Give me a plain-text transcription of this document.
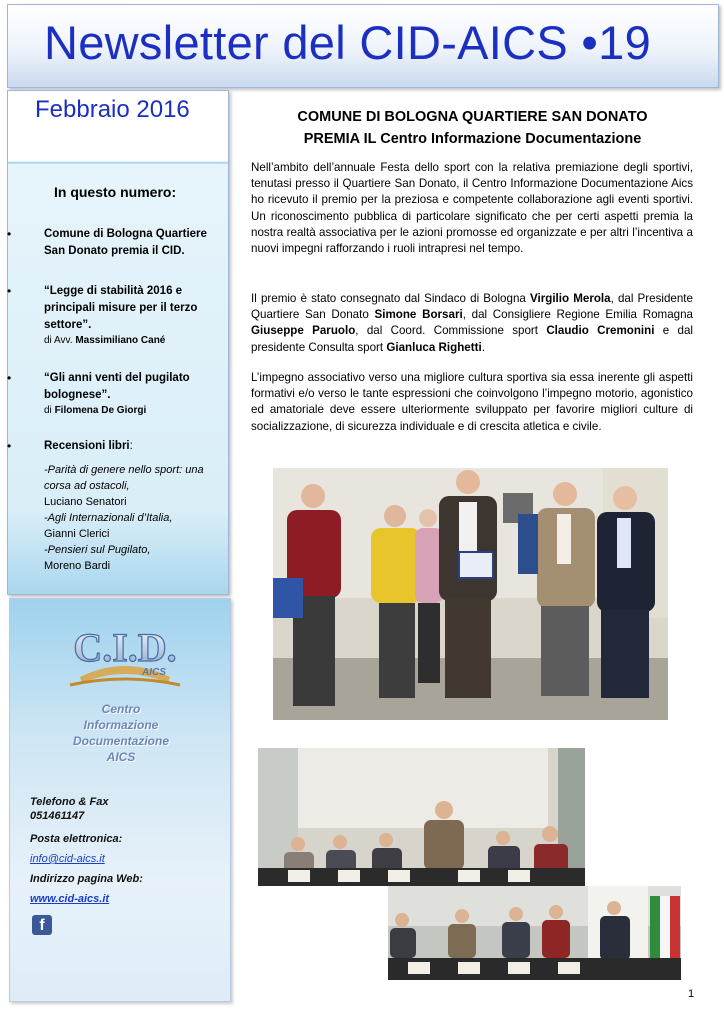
Newsletter del CID-AICS •19
Febbraio 2016
In questo numero:
•	Comune di Bologna Quartiere San Donato premia il CID.
•	“Legge di stabilità 2016 e principali misure per il terzo settore”.
di Avv. Massimiliano Cané
•	“Gli anni venti del pugilato bolognese”.
di Filomena De Giorgi
•	Recensioni libri:
-Parità di genere nello sport: una corsa ad ostacoli,
Luciano Senatori
-Agli Internazionali d’Italia,
Gianni Clerici
-Pensieri sul Pugilato,
Moreno Bardi
C.I.D.
AICS
Centro
Informazione
Documentazione
AICS
Telefono & Fax
051461147
Posta elettronica:
info@cid-aics.it
Indirizzo pagina Web:
www.cid-aics.it
f
COMUNE DI BOLOGNA QUARTIERE SAN DONATO
PREMIA IL Centro Informazione Documentazione
Nell’ambito dell’annuale Festa dello sport con la relativa premiazione degli sportivi, tenutasi presso il Quartiere San Donato, il Centro Informazione Documentazione Aics ho ricevuto il premio per la preziosa e competente collaborazione agli eventi sportivi. Un riconoscimento pubblica di particolare significato che per certi aspetti premia la nostra realtà associativa per le azioni promosse ed organizzate e per altri l’incentiva a nuovi impegni rafforzando i ruoli intrapresi nel tempo.
Il premio è stato consegnato dal Sindaco di Bologna Virgilio Merola, dal Presidente Quartiere San Donato Simone Borsari, dal Consigliere Regione Emilia Romagna Giuseppe Paruolo, dal Coord. Commissione sport Claudio Cremonini e dal presidente Consulta sport Gianluca Righetti.
L’impegno associativo verso una migliore cultura sportiva sia essa inerente gli aspetti formativi e/o verso le tante espressioni che coinvolgono l’impegno motorio, agonistico ed amatoriale deve essere ulteriormente sviluppato per favorire migliori culture di socializzazione, di sicurezza individuale e di crescita atletica e civile.
1
